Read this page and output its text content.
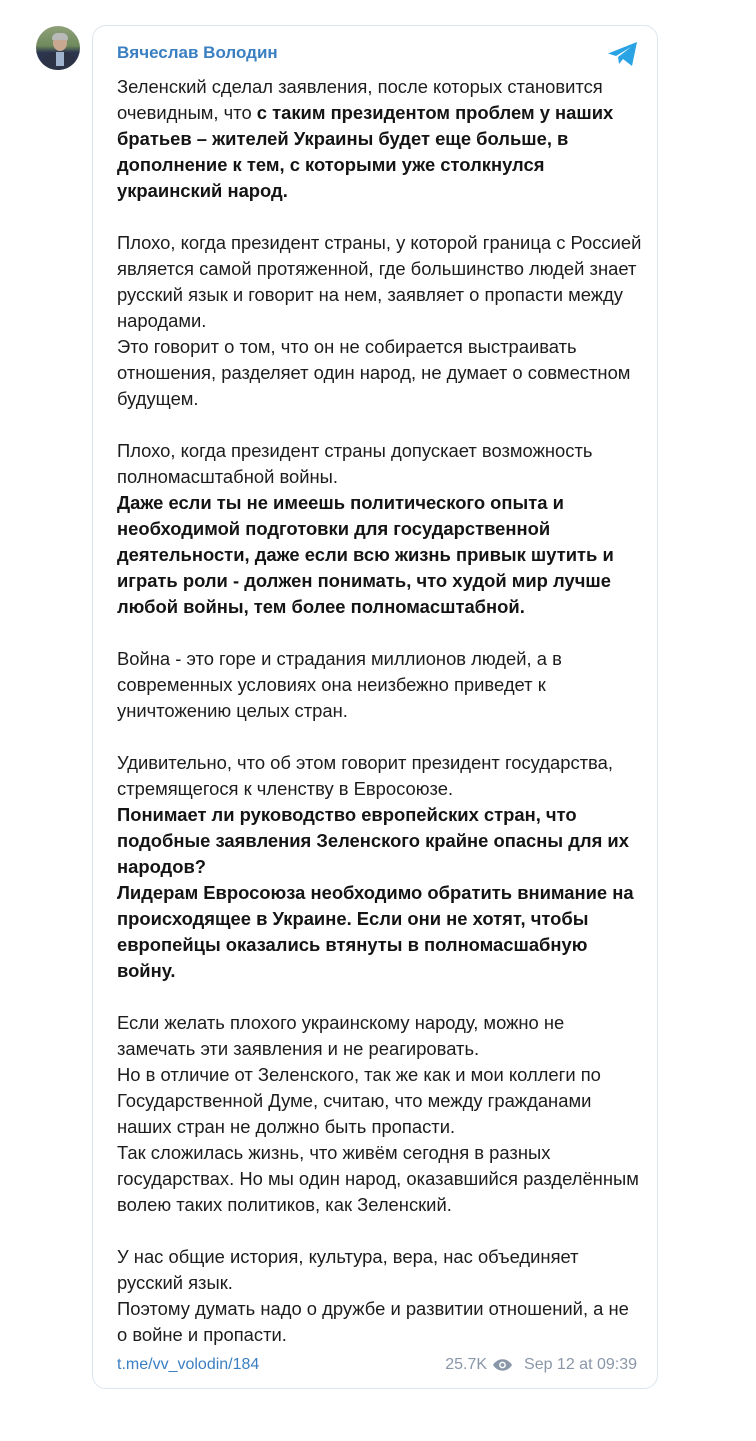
Вячеслав Володин
Зеленский сделал заявления, после которых становится очевидным, что с таким президентом проблем у наших братьев – жителей Украины будет еще больше, в дополнение к тем, с которыми уже столкнулся украинский народ.
Плохо, когда президент страны, у которой граница с Россией является самой протяженной, где большинство людей знает русский язык и говорит на нем, заявляет о пропасти между народами.
Это говорит о том, что он не собирается выстраивать отношения, разделяет один народ, не думает о совместном будущем.
Плохо, когда президент страны допускает возможность полномасштабной войны.
Даже если ты не имеешь политического опыта и необходимой подготовки для государственной деятельности, даже если всю жизнь привык шутить и играть роли - должен понимать, что худой мир лучше любой войны, тем более полномасштабной.
Война - это горе и страдания миллионов людей, а в современных условиях она неизбежно приведет к уничтожению целых стран.
Удивительно, что об этом говорит президент государства, стремящегося к членству в Евросоюзе.
Понимает ли руководство европейских стран, что подобные заявления Зеленского крайне опасны для их народов?
Лидерам Евросоюза необходимо обратить внимание на происходящее в Украине. Если они не хотят, чтобы европейцы оказались втянуты в полномасшабную войну.
Если желать плохого украинскому народу, можно не замечать эти заявления и не реагировать.
Но в отличие от Зеленского, так же как и мои коллеги по Государственной Думе, считаю, что между гражданами наших стран не должно быть пропасти.
Так сложилась жизнь, что живём сегодня в разных государствах. Но мы один народ, оказавшийся разделённым волею таких политиков, как Зеленский.
У нас общие история, культура, вера, нас объединяет русский язык.
Поэтому думать надо о дружбе и развитии отношений, а не о войне и пропасти.
t.me/vv_volodin/184	25.7K Sep 12 at 09:39
